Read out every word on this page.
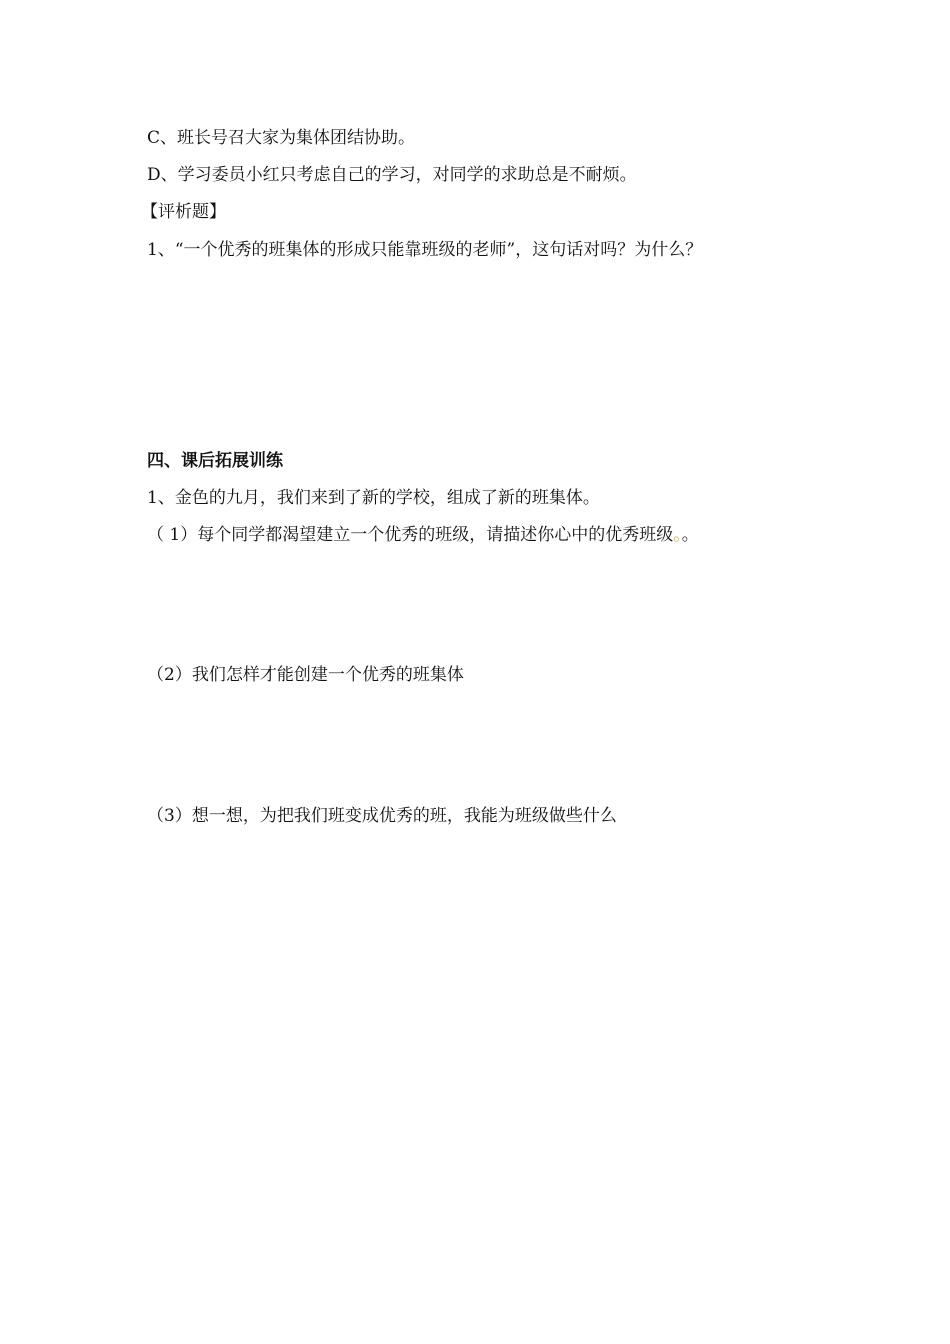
C、班长号召大家为集体团结协助。
D、学习委员小红只考虑自己的学习，对同学的求助总是不耐烦。
【评析题】
1、“一个优秀的班集体的形成只能靠班级的老师”，这句话对吗？为什么？
四、课后拓展训练
1、金色的九月，我们来到了新的学校，组成了新的班集体。
（ 1）每个同学都渴望建立一个优秀的班级，请描述你心中的优秀班级。。
（2）我们怎样才能创建一个优秀的班集体
（3）想一想，为把我们班变成优秀的班，我能为班级做些什么
